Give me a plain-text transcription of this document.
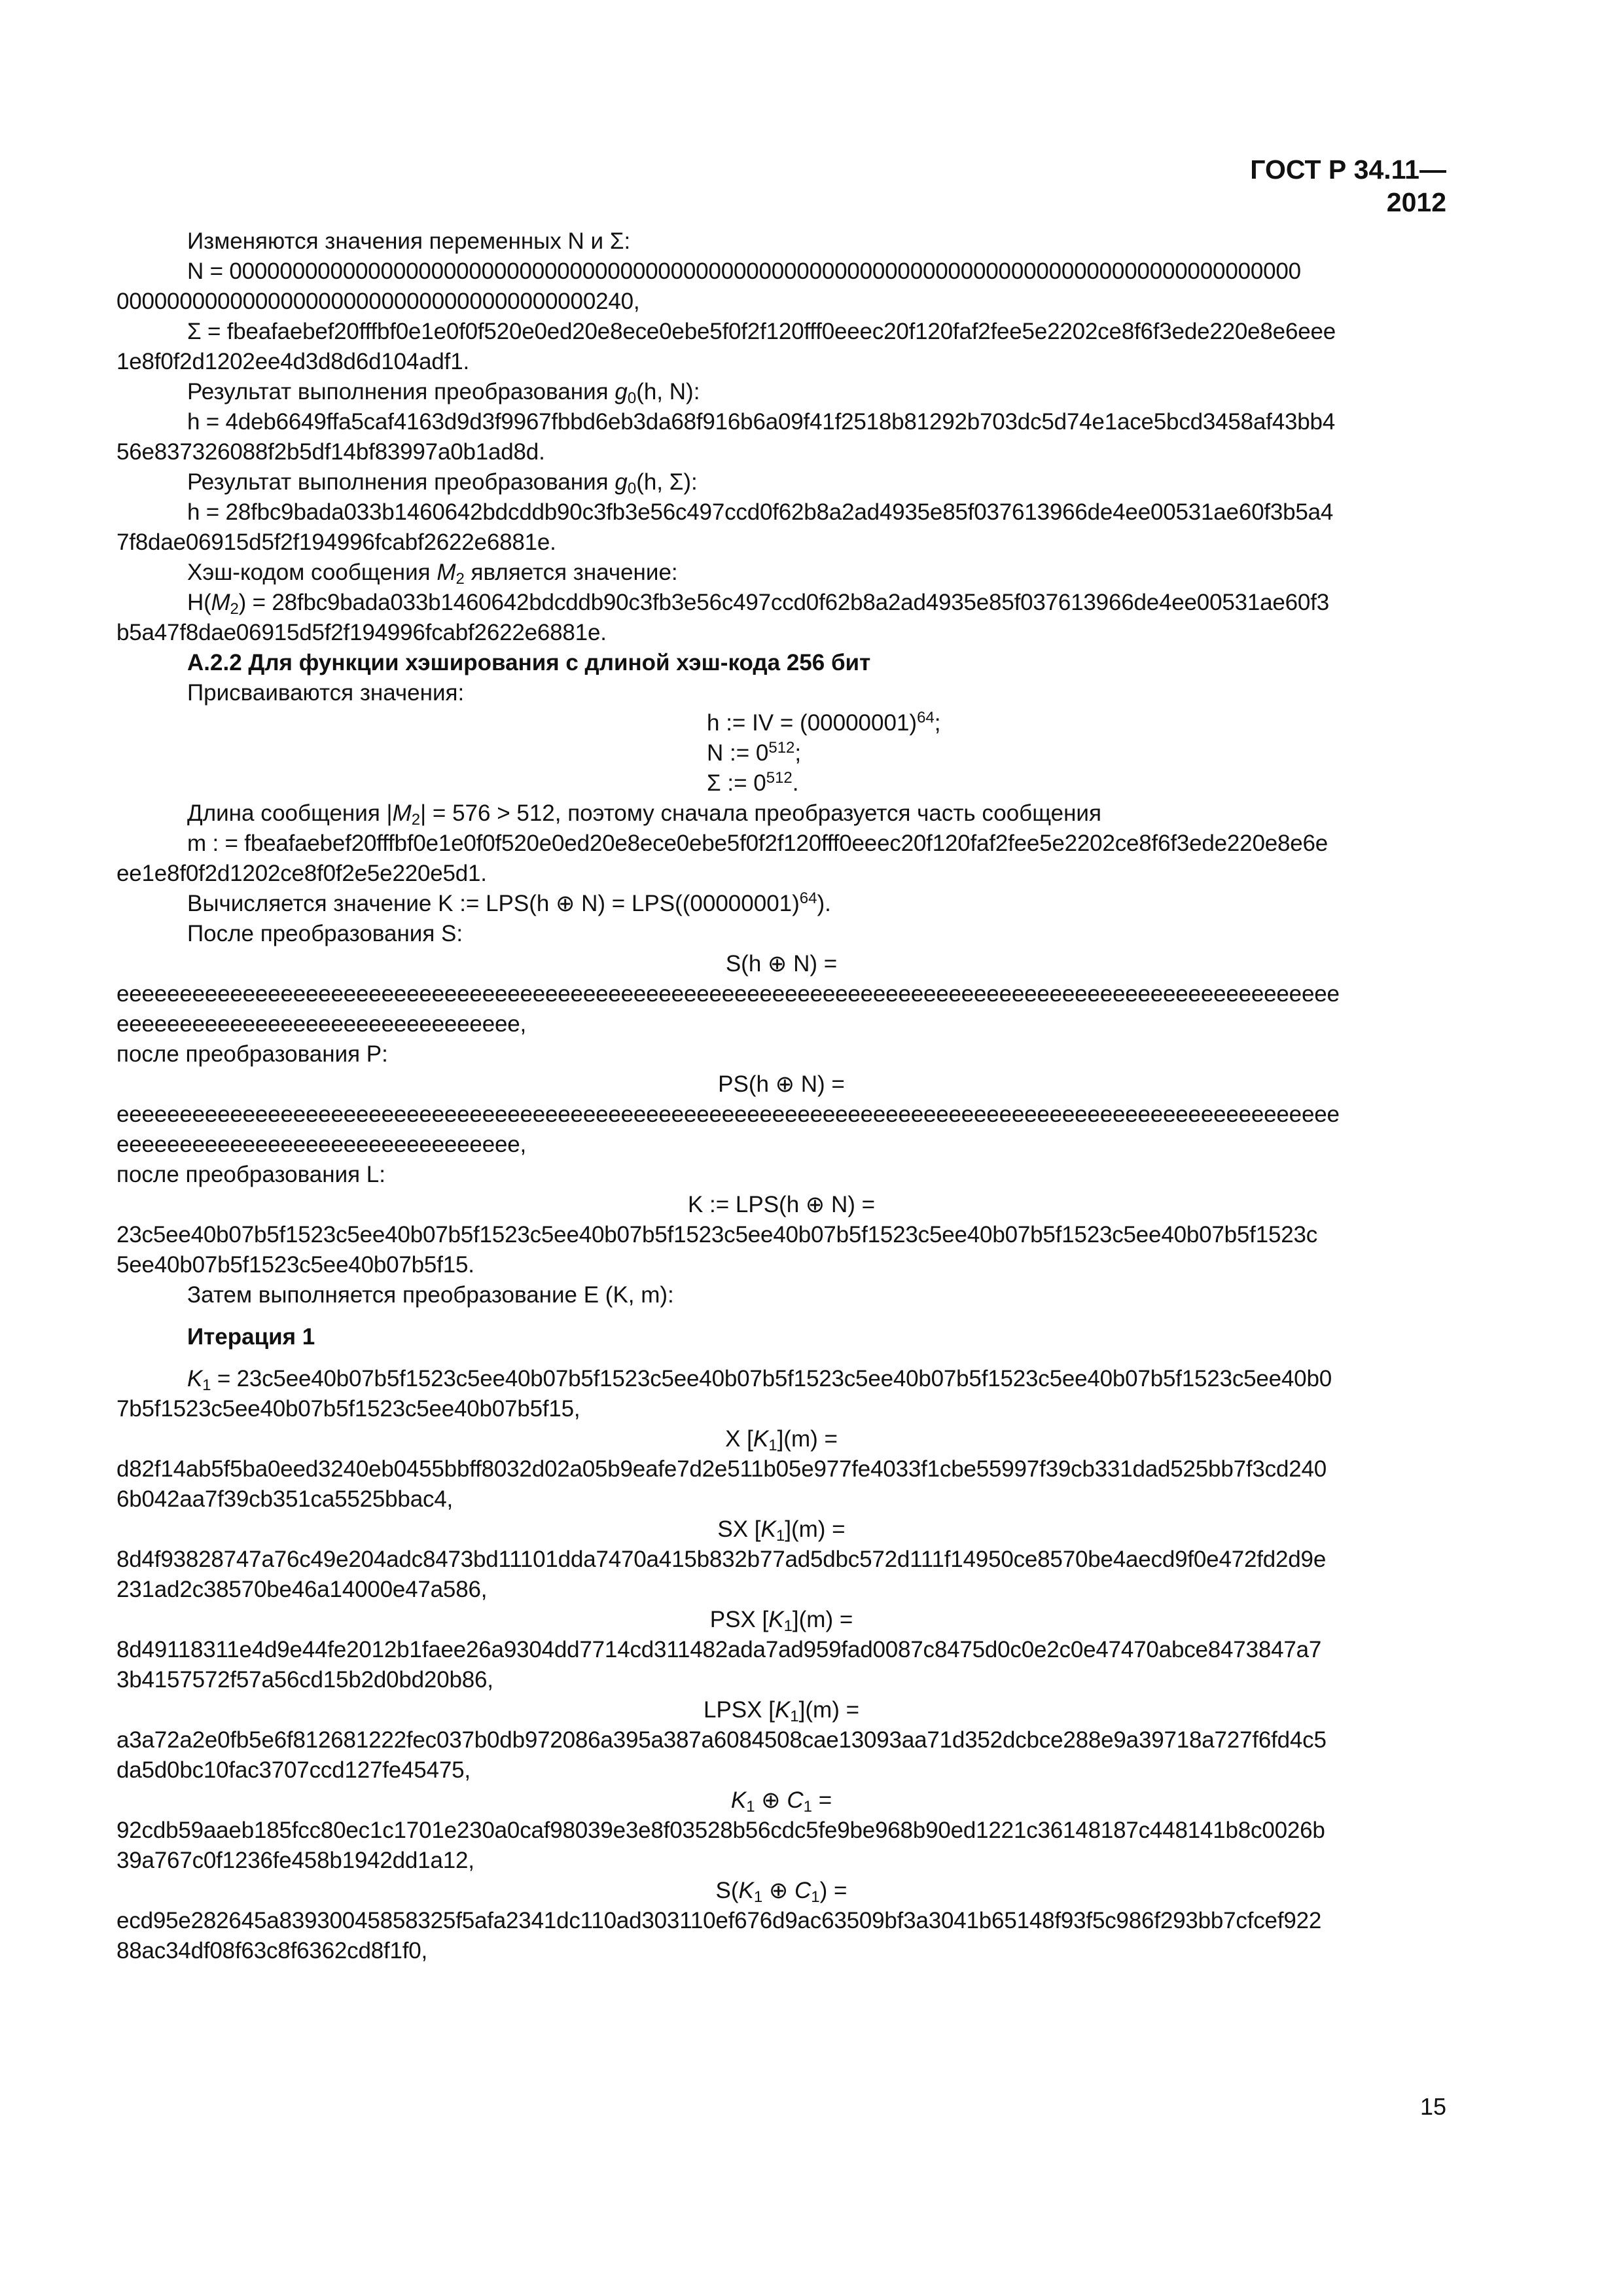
ГОСТ Р 34.11—2012
Изменяются значения переменных N и Σ:
N = 0000000000000000000000000000000000000000000000000000000000000000000000000000000000000
00000000000000000000000000000000000000240,
Σ = fbeafaebef20fffbf0e1e0f0f520e0ed20e8ece0ebe5f0f2f120fff0eeec20f120faf2fee5e2202ce8f6f3ede220e8e6eee
1e8f0f2d1202ee4d3d8d6d104adf1.
Результат выполнения преобразования $g_0(h$, N):
h = 4deb6649ffa5caf4163d9d3f9967fbbd6eb3da68f916b6a09f41f2518b81292b703dc5d74e1ace5bcd3458af43bb4
56e837326088f2b5df14bf83997a0b1ad8d.
Результат выполнения преобразования $g_0(h$, Σ):
h = 28fbc9bada033b1460642bdcddb90c3fb3e56c497ccd0f62b8a2ad4935e85f037613966de4ee00531ae60f3b5a4
7f8dae06915d5f2f194996fcabf2622e6881e.
Хэш-кодом сообщения $M_2$ является значение:
$H(M_2)$ = 28fbc9bada033b1460642bdcddb90c3fb3e56c497ccd0f62b8a2ad4935e85f037613966de4ee00531ae60f3
b5a47f8dae06915d5f2f194996fcabf2622e6881e.
A.2.2 Для функции хэширования с длиной хэш-кода 256 бит
Присваиваются значения:
h := IV = $(00000001)^{64}$;
N := $0^{512}$;
Σ := $0^{512}$.
Длина сообщения $|M_2| = 576 > 512$, поэтому сначала преобразуется часть сообщения
m : = fbeafaebef20fffbf0e1e0f0f520e0ed20e8ece0ebe5f0f2f120fff0eeec20f120faf2fee5e2202ce8f6f3ede220e8e6e
ee1e8f0f2d1202ce8f0f2e5e220e5d1.
Вычисляется значение K := LPS(h ⊕ $N) = LPS((00000001)^{64})$.
После преобразования S:
S(h ⊕ N) =
eeeeeeeeeeeeeeeeeeeeeeeeeeeeeeeeeeeeeeeeeeeeeeeeeeeeeeeeeeeeeeeeeeeeeeeeeeeeeeeeeeeeeeeeeeeeeeeee
eeeeeeeeeeeeeeeeeeeeeeeeeeeeeeee,
после преобразования P:
PS(h ⊕ N) =
eeeeeeeeeeeeeeeeeeeeeeeeeeeeeeeeeeeeeeeeeeeeeeeeeeeeeeeeeeeeeeeeeeeeeeeeeeeeeeeeeeeeeeeeeeeeeeeee
eeeeeeeeeeeeeeeeeeeeeeeeeeeeeeee,
после преобразования L:
K := LPS(h ⊕ N) =
23c5ee40b07b5f1523c5ee40b07b5f1523c5ee40b07b5f1523c5ee40b07b5f1523c5ee40b07b5f1523c5ee40b07b5f1523c
5ee40b07b5f1523c5ee40b07b5f15.
Затем выполняется преобразование E (K, m):
Итерация 1
$K_1 = 23c5ee40b07b5f1523c5ee40b07b5f1523c5ee40b07b5f1523c5ee40b07b5f1523c5ee40b07b5f1523c5ee40b0$
7b5f1523c5ee40b07b5f1523c5ee40b07b5f15,
X $[K_1](m)$ =
d82f14ab5f5ba0eed3240eb0455bbff8032d02a05b9eafe7d2e511b05e977fe4033f1cbe55997f39cb331dad525bb7f3cd240
6b042aa7f39cb351ca5525bbac4,
SX $[K_1](m)$ =
8d4f93828747a76c49e204adc8473bd11101dda7470a415b832b77ad5dbc572d111f14950ce8570be4aecd9f0e472fd2d9e
231ad2c38570be46a14000e47a586,
PSX $[K_1](m)$ =
8d49118311e4d9e44fe2012b1faee26a9304dd7714cd311482ada7ad959fad0087c8475d0c0e2c0e47470abce8473847a7
3b4157572f57a56cd15b2d0bd20b86,
LPSX $[K_1](m)$ =
a3a72a2e0fb5e6f812681222fec037b0db972086a395a387a6084508cae13093aa71d352dcbce288e9a39718a727f6fd4c5
da5d0bc10fac3707ccd127fe45475,
$K_1$ ⊕ $C_1$ =
92cdb59aaeb185fcc80ec1c1701e230a0caf98039e3e8f03528b56cdc5fe9be968b90ed1221c36148187c448141b8c0026b
39a767c0f1236fe458b1942dd1a12,
$S(K_1$ ⊕ $C_1$) =
ecd95e282645a83930045858325f5afa2341dc110ad303110ef676d9ac63509bf3a3041b65148f93f5c986f293bb7cfcef922
88ac34df08f63c8f6362cd8f1f0,
15
